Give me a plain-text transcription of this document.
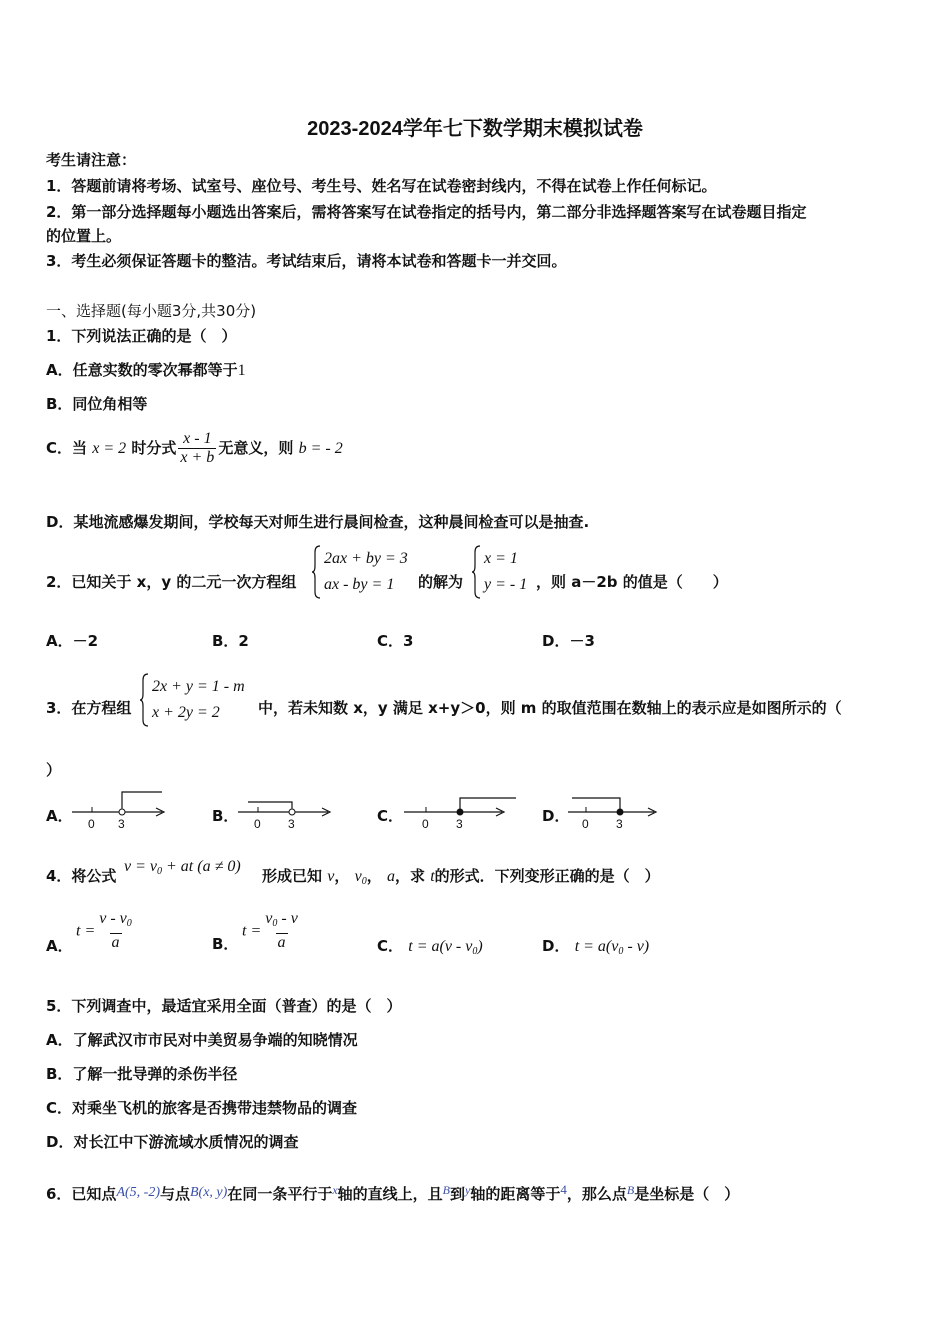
2023-2024学年七下数学期末模拟试卷
考生请注意：
1．答题前请将考场、试室号、座位号、考生号、姓名写在试卷密封线内，不得在试卷上作任何标记。
2．第一部分选择题每小题选出答案后，需将答案写在试卷指定的括号内，第二部分非选择题答案写在试卷题目指定
的位置上。
3．考生必须保证答题卡的整洁。考试结束后，请将本试卷和答题卡一并交回。
一、选择题(每小题3分,共30分)
1．下列说法正确的是（　）
A．任意实数的零次幂都等于1
B．同位角相等
C．当 x = 2 时分式 $\frac{x - 1}{x + b}$ 无意义，则 b = - 2
D．某地流感爆发期间，学校每天对师生进行晨间检查，这种晨间检查可以是抽查.
2．已知关于 x，y 的二元一次方程组
2ax + by = 3
ax - by = 1	的解为
x = 1
y = - 1 ，则 a－2b 的值是（　　）
A．－2	B．2	C．3	D．－3
3．在方程组
2x + y = 1 - m
x + 2y = 2	中，若未知数 x，y 满足 x+y＞0，则 m 的取值范围在数轴上的表示应是如图所示的（
）
A． 0 3	B． 0 3	C． 0 3	D． 0 3
4．将公式
$v = v_0$ + at (a ≠ 0)
形成已知 v， $v_0$， a，求 t的形式．下列变形正确的是（　）
A．
$t = \frac{v - v_0}{a}$	B．
$t = \frac{v_0 - v}{a}$	C． $t = a(v - v_0)$	D． $t = a(v_0 - v)$
5．下列调查中，最适宜采用全面（普查）的是（　）
A．了解武汉市市民对中美贸易争端的知晓情况
B．了解一批导弹的杀伤半径
C．对乘坐飞机的旅客是否携带违禁物品的调查
D．对长江中下游流域水质情况的调查
6．已知点A(5, -2)与点B(x, y)在同一条平行于$^x$轴的直线上，且$^B$到$^y$轴的距离等于4，那么点$^B$是坐标是（　）
